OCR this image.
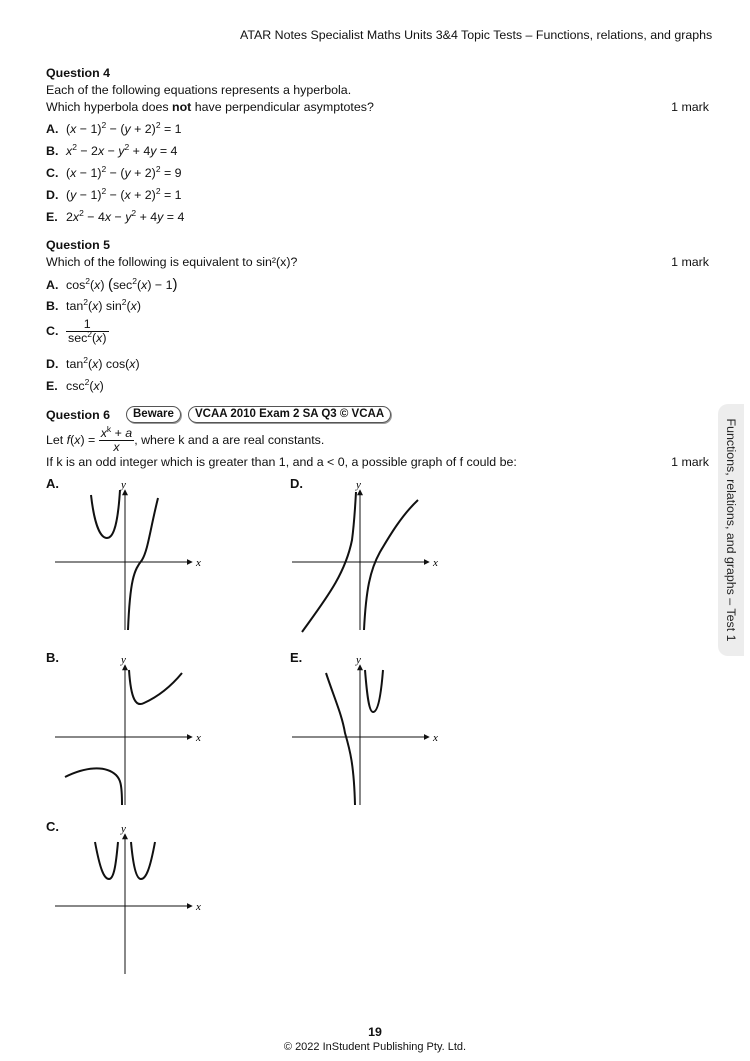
ATAR Notes Specialist Maths Units 3&4 Topic Tests – Functions, relations, and graphs
Question 4
Each of the following equations represents a hyperbola.
Which hyperbola does not have perpendicular asymptotes?	1 mark
A. $(x - 1)^2 - (y + 2)^2 = 1$
B. $x^2 - 2x - y^2 + 4y = 4$
C. $(x - 1)^2 - (y + 2)^2 = 9$
D. $(y - 1)^2 - (x + 2)^2 = 1$
E. $2x^2 - 4x - y^2 + 4y = 4$
Question 5
Which of the following is equivalent to sin²(x)?	1 mark
A. $\cos^2(x) (\sec^2(x) - 1)$
B. $\tan^2(x)$ $\sin^2(x)$
C. $\frac{1}{\sec^2(x)}$
D. $\tan^2(x)$ cos(x)
E. $\csc^2(x)$
Question 6	Beware	VCAA 2010 Exam 2 SA Q3 © VCAA
Let $f(x) = \frac{x^k + a}{x}$ , where k and a are real constants.
If k is an odd integer which is greater than 1, and a < 0, a possible graph of f could be:	1 mark
A.
B.
C.
D.
E.
x
y
x
y
x
y
x
y
x
y
Functions, relations, and graphs – Test 1
19
© 2022 InStudent Publishing Pty. Ltd.
